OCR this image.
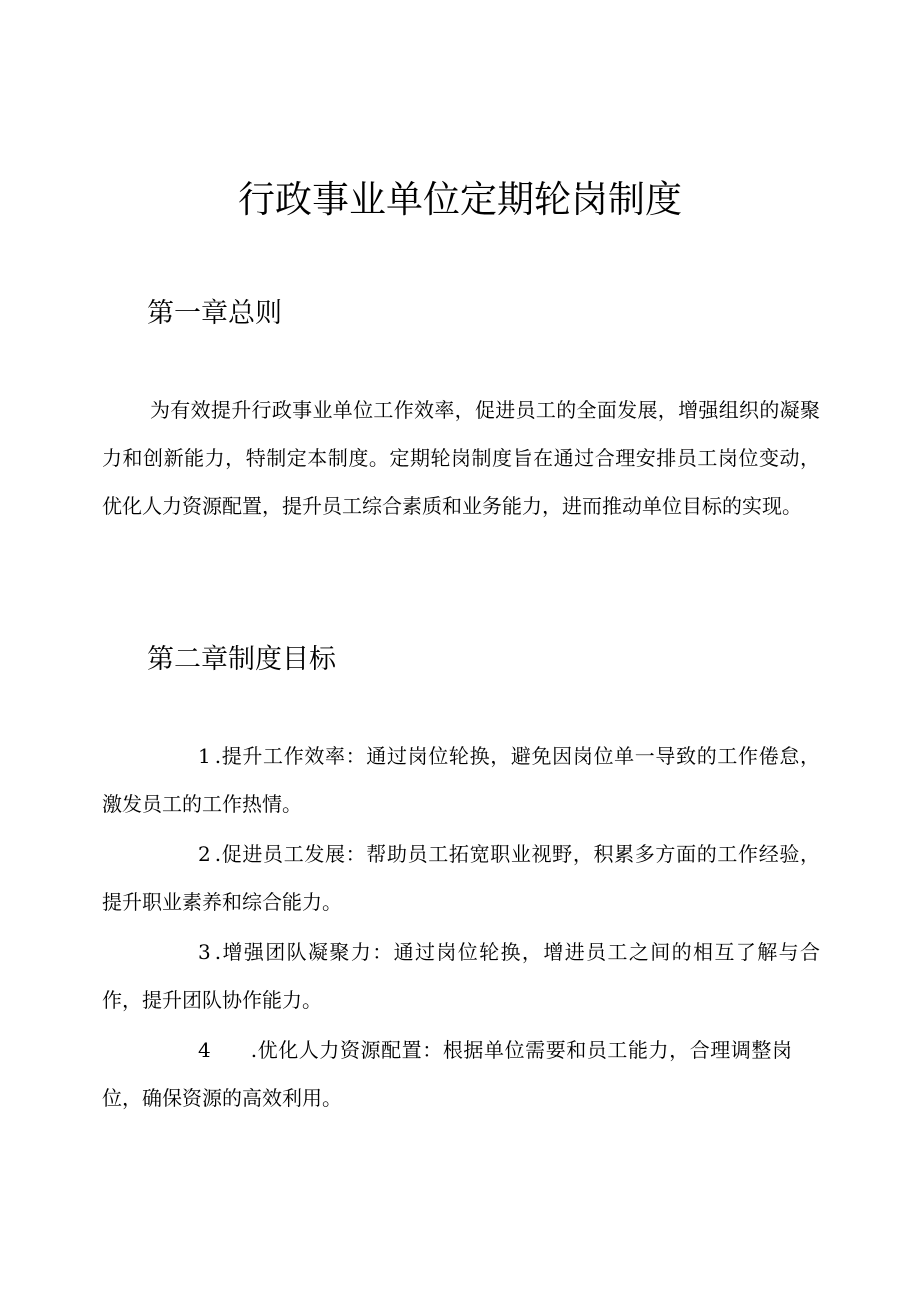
行政事业单位定期轮岗制度
第一章总则

为有效提升行政事业单位工作效率，促进员工的全面发展，增强组织的凝聚力和创新能力，特制定本制度。定期轮岗制度旨在通过合理安排员工岗位变动，优化人力资源配置，提升员工综合素质和业务能力，进而推动单位目标的实现。

第二章制度目标

1 .提升工作效率：通过岗位轮换，避免因岗位单一导致的工作倦怠，激发员工的工作热情。

2 .促进员工发展：帮助员工拓宽职业视野，积累多方面的工作经验，提升职业素养和综合能力。

3 .增强团队凝聚力：通过岗位轮换，增进员工之间的相互了解与合作，提升团队协作能力。

4 .优化人力资源配置：根据单位需要和员工能力，合理调整岗位，确保资源的高效利用。
